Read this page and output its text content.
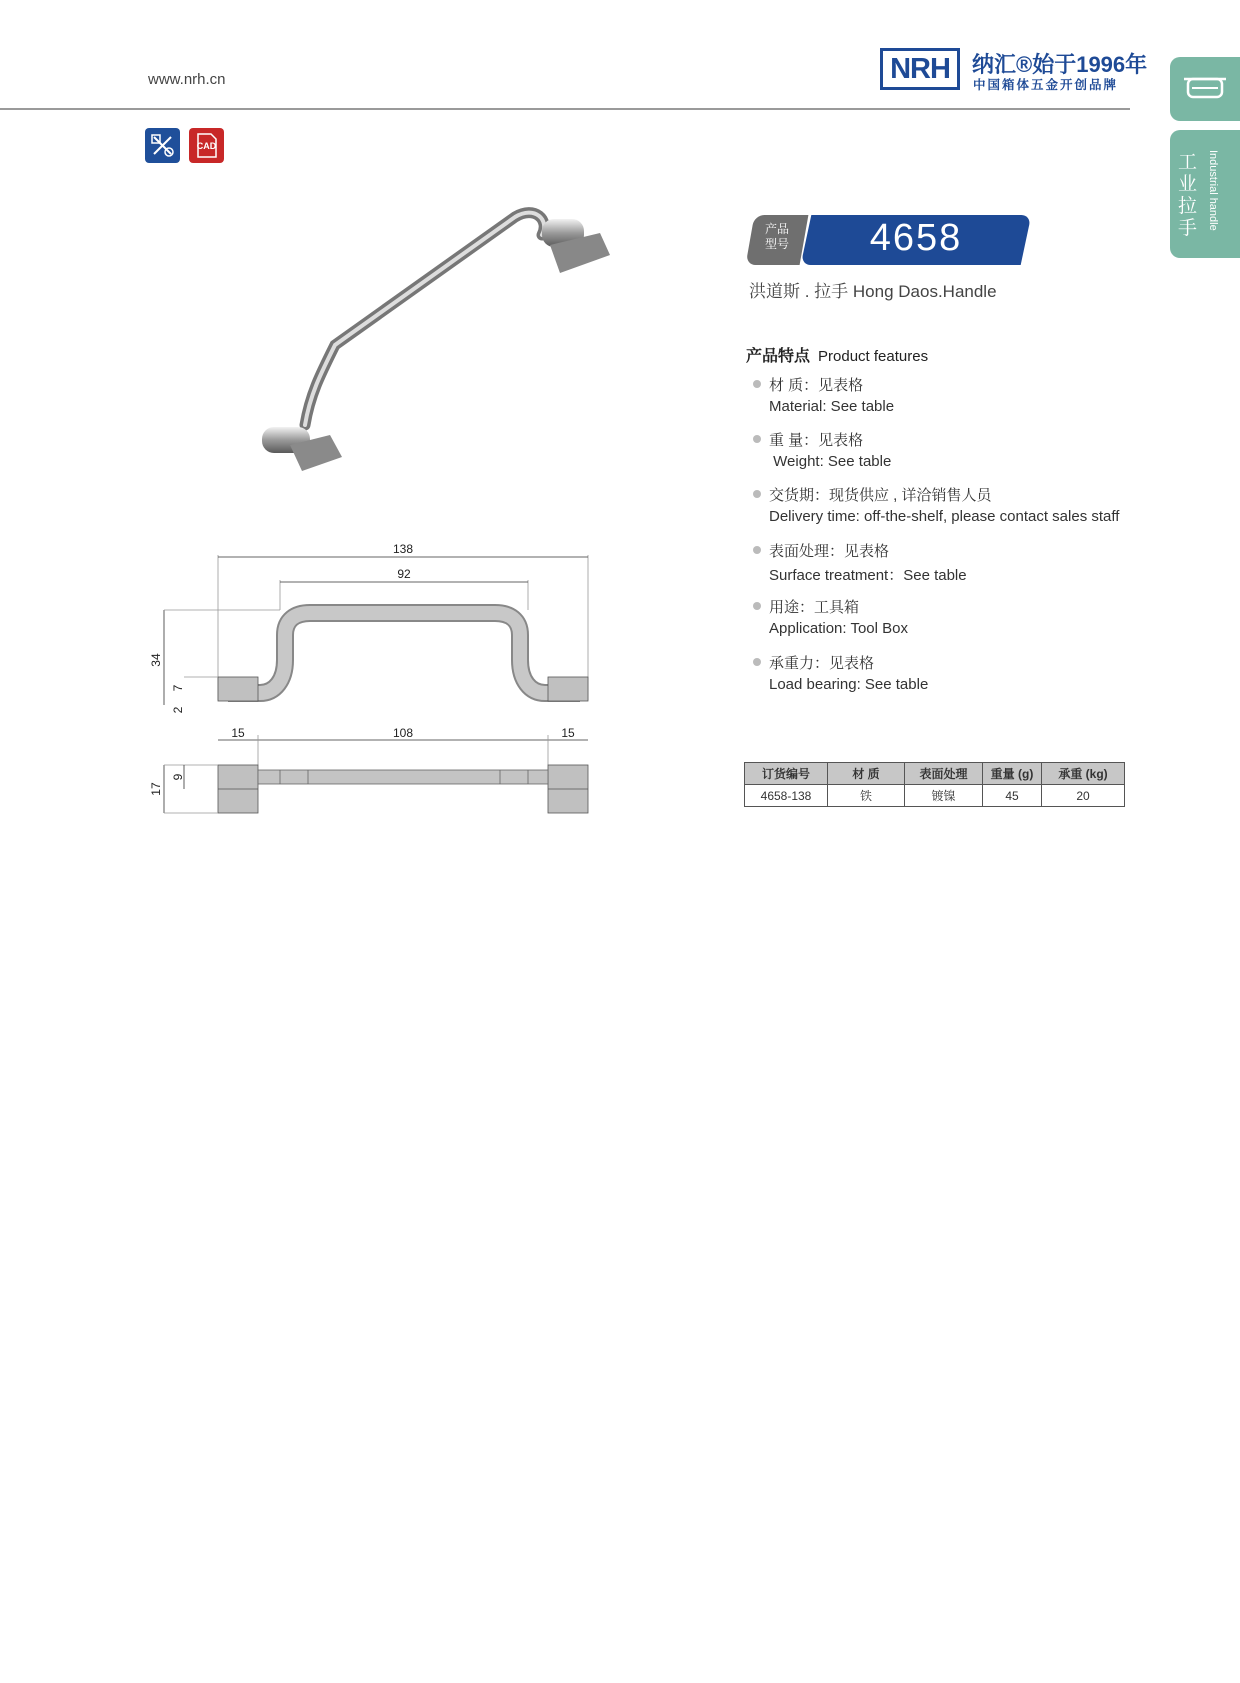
www.nrh.cn	NRH	纳汇®始于1996年
中国箱体五金开创品牌
工业拉手 Industrial handle
CAD
138
92
34
7
2
15	108	15
17
9
产品
型号	4658
洪道斯 . 拉手 Hong Daos.Handle
产品特点 Product features
材 质：见表格
Material: See table
重 量：见表格
Weight: See table
交货期：现货供应 , 详洽销售人员
Delivery time: off-the-shelf, please contact sales staff
表面处理：见表格
Surface treatment：See table
用途：工具箱
Application: Tool Box
承重力：见表格
Load bearing: See table
订货编号	材 质	表面处理	重量 (g)	承重 (kg)
4658-138	铁	镀镍	45	20
